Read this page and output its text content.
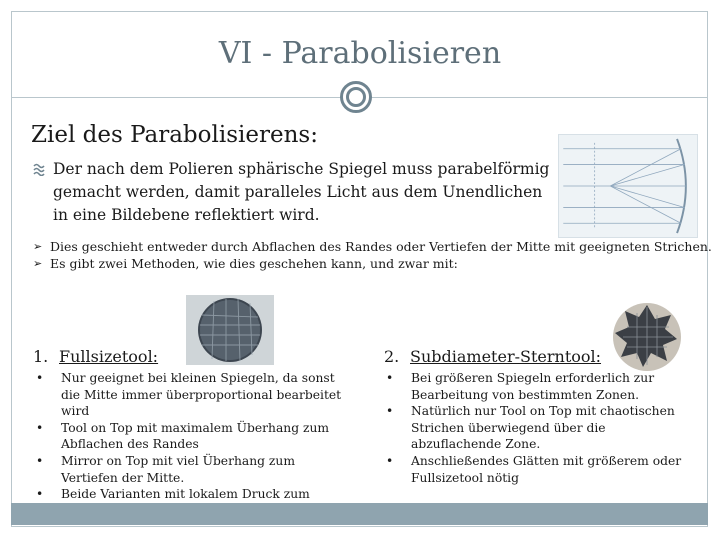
VI - Parabolisieren
Ziel des Parabolisierens:

Der nach dem Polieren sphärische Spiegel muss parabelförmig gemacht werden, damit paralleles Licht aus dem Unendlichen in eine Bildebene reflektiert wird.

➢ Dies geschieht entweder durch Abflachen des Randes oder Vertiefen der Mitte mit geeigneten Strichen.
➢ Es gibt zwei Methoden, wie dies geschehen kann, und zwar mit:
1. Fullsizetool:
• Nur geeignet bei kleinen Spiegeln, da sonst die Mitte immer überproportional bearbeitet wird
• Tool on Top mit maximalem Überhang zum Abflachen des Randes
• Mirror on Top mit viel Überhang zum Vertiefen der Mitte.
• Beide Varianten mit lokalem Druck zum
2. Subdiameter-Sterntool:
• Bei größeren Spiegeln erforderlich zur Bearbeitung von bestimmten Zonen.
• Natürlich nur Tool on Top mit chaotischen Strichen überwiegend über die abzuflachende Zone.
• Anschließendes Glätten mit größerem oder Fullsizetool nötig
